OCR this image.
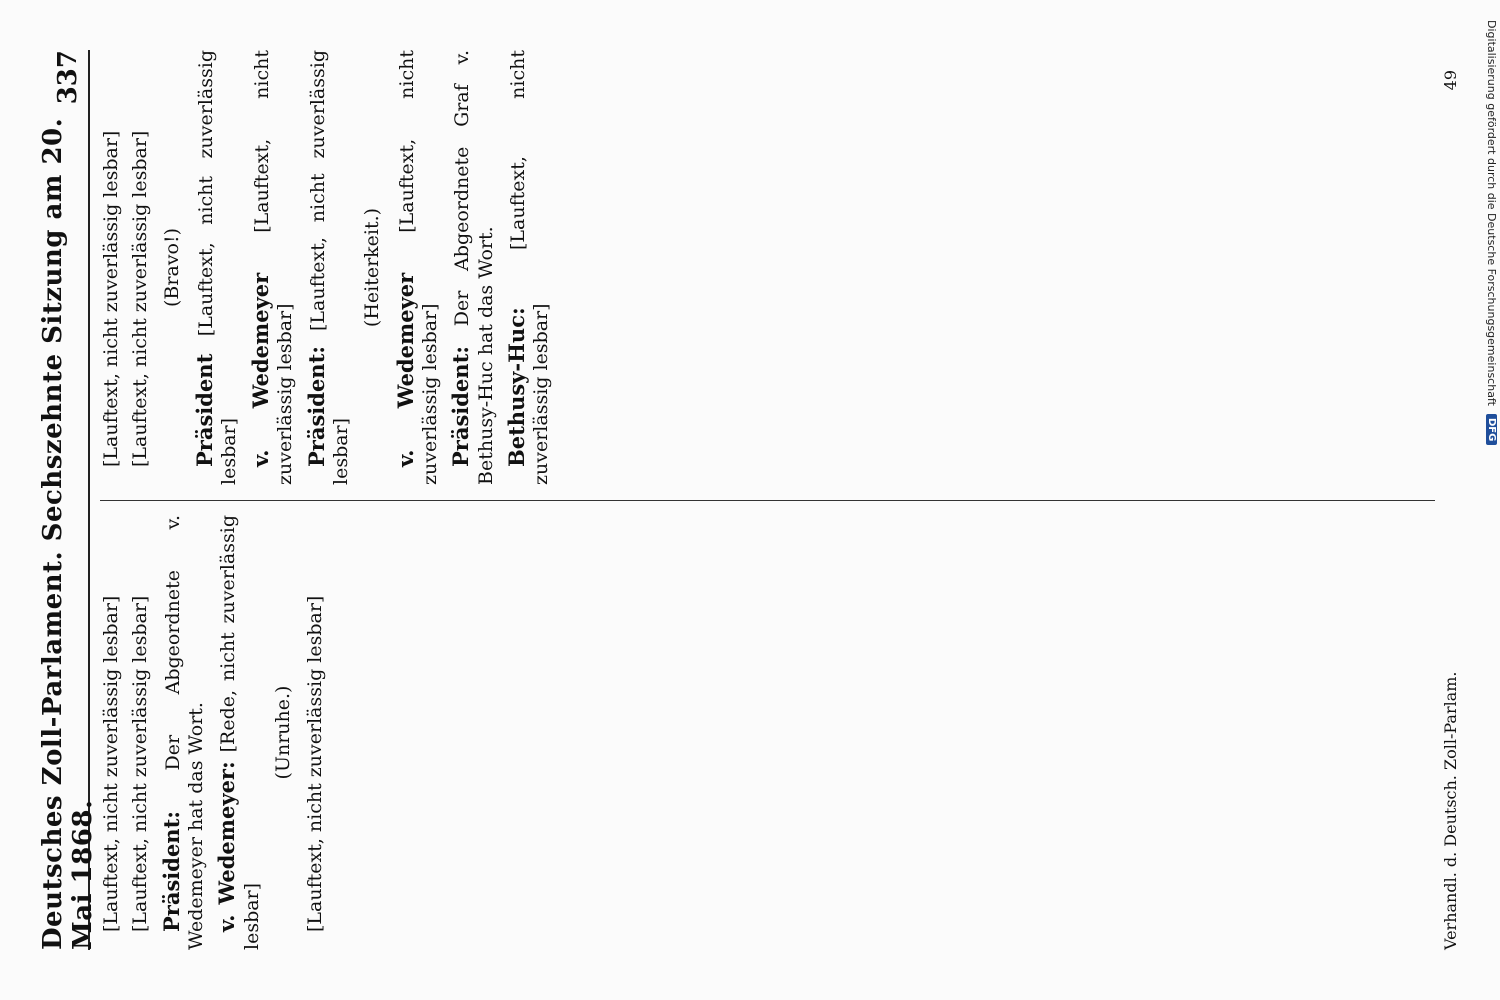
Deutsches Zoll-Parlament. Sechszehnte Sitzung am 20. Mai 1868.
337

[Lauftext, nicht zuverlässig lesbar] [Lauftext, nicht zuverlässig lesbar] Präsident: Der Abgeordnete v. Wedemeyer hat das Wort. v. Wedemeyer: [Rede, nicht zuverlässig lesbar]

(Unruhe.) [Lauftext, nicht zuverlässig lesbar]

[Lauftext, nicht zuverlässig lesbar] [Lauftext, nicht zuverlässig lesbar] (Bravo!)

Präsident [Lauftext, nicht zuverlässig lesbar] v. Wedemeyer [Lauftext, nicht zuverlässig lesbar] Präsident: [Lauftext, nicht zuverlässig lesbar]

(Heiterkeit.)

v. Wedemeyer [Lauftext, nicht zuverlässig lesbar] Präsident: Der Abgeordnete Graf v. Bethusy-Huc hat das Wort. Bethusy-Huc: [Lauftext, nicht zuverlässig lesbar]

Verhandl. d. Deutsch. Zoll-Parlam.
49 Digitalisierung gefördert durch die Deutsche Forschungsgemeinschaft
DFG
